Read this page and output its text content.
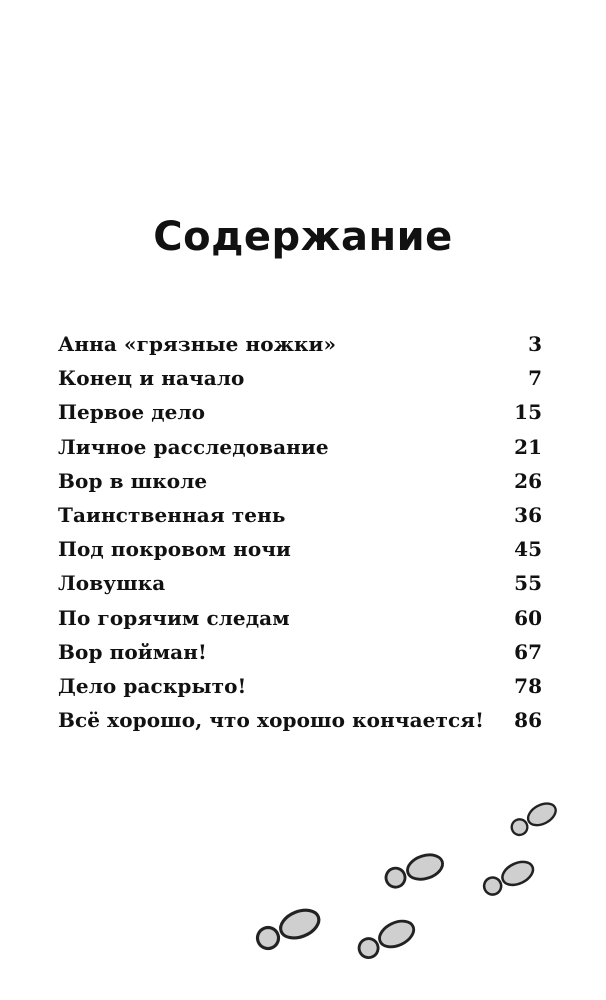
Содержание
Анна «грязные ножки»	3
Конец и начало	7
Первое дело	15
Личное расследование	21
Вор в школе	26
Таинственная тень	36
Под покровом ночи	45
Ловушка	55
По горячим следам	60
Вор пойман!	67
Дело раскрыто!	78
Всё хорошо, что хорошо кончается!	86
